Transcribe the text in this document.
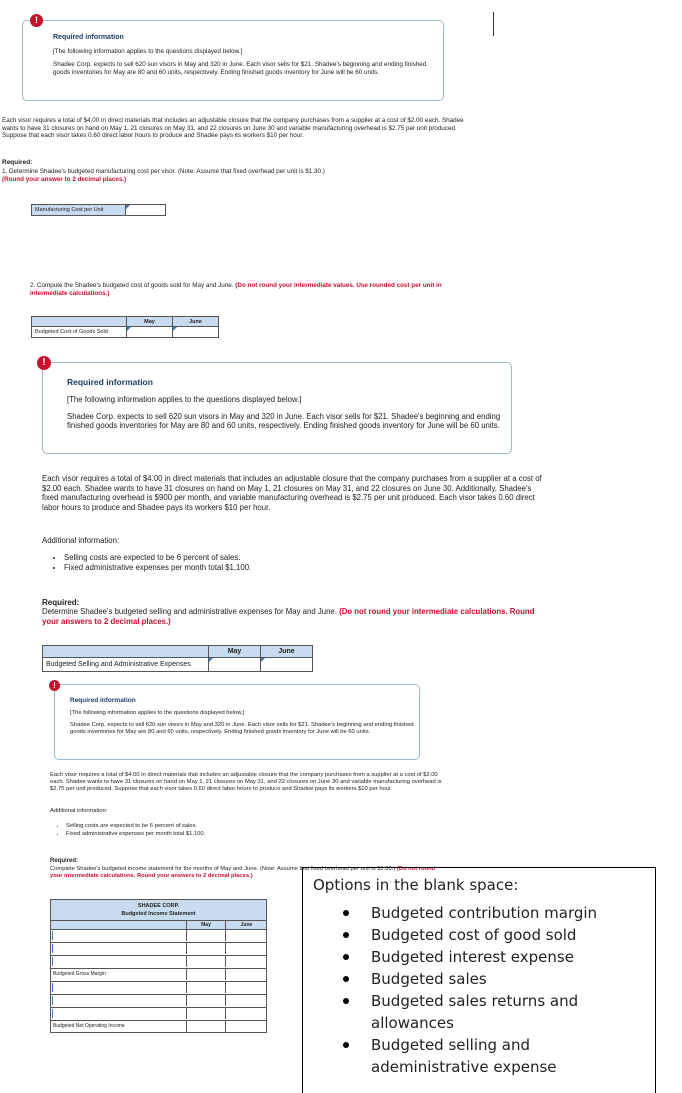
Required information

[The following information applies to the questions displayed below.]

Shadee Corp. expects to sell 620 sun visors in May and 320 in June. Each visor sells for $21. Shadee's beginning and ending finished goods inventories for May are 80 and 60 units, respectively. Ending finished goods inventory for June will be 60 units.

!

Each visor requires a total of $4.00 in direct materials that includes an adjustable closure that the company purchases from a supplier at a cost of $2.00 each. Shadee wants to have 31 closures on hand on May 1, 21 closures on May 31, and 22 closures on June 30 and variable manufacturing overhead is $2.75 per unit produced. Suppose that each visor takes 0.60 direct labor hours to produce and Shadee pays its workers $10 per hour.

Required:

1. Determine Shadee's budgeted manufacturing cost per visor. (Note: Assume that fixed overhead per unit is $1.30.)

(Round your answer to 2 decimal places.)

Manufacturing Cost per Unit	

2. Compute the Shadee's budgeted cost of goods sold for May and June. (Do not round your intermediate values. Use rounded cost per unit in intermediate calculations.)

	May	June
Budgeted Cost of Goods Sold		
Required information

[The following information applies to the questions displayed below.]

Shadee Corp. expects to sell 620 sun visors in May and 320 in June. Each visor sells for $21. Shadee's beginning and ending finished goods inventories for May are 80 and 60 units, respectively. Ending finished goods inventory for June will be 60 units.

!

Each visor requires a total of $4.00 in direct materials that includes an adjustable closure that the company purchases from a supplier at a cost of $2.00 each. Shadee wants to have 31 closures on hand on May 1, 21 closures on May 31, and 22 closures on June 30. Additionally, Shadee's fixed manufacturing overhead is $900 per month, and variable manufacturing overhead is $2.75 per unit produced. Each visor takes 0.60 direct labor hours to produce and Shadee pays its workers $10 per hour.

Additional information:

• Selling costs are expected to be 6 percent of sales.
• Fixed administrative expenses per month total $1,100.

Required:

Determine Shadee's budgeted selling and administrative expenses for May and June. (Do not round your intermediate calculations. Round your answers to 2 decimal places.)

	May	June
Budgeted Selling and Administrative Expenses		
Required information

[The following information applies to the questions displayed below.]

Shadee Corp. expects to sell 620 sun visors in May and 320 in June. Each visor sells for $21. Shadee's beginning and ending finished goods inventories for May are 80 and 60 units, respectively. Ending finished goods inventory for June will be 60 units.

!

Each visor requires a total of $4.00 in direct materials that includes an adjustable closure that the company purchases from a supplier at a cost of $2.00 each. Shadee wants to have 31 closures on hand on May 1, 21 closures on May 31, and 22 closures on June 30 and variable manufacturing overhead is $2.75 per unit produced. Suppose that each visor takes 0.60 direct labor hours to produce and Shadee pays its workers $10 per hour.

Additional information:

• Selling costs are expected to be 6 percent of sales.
• Fixed administrative expenses per month total $1,100.

Required:

Complete Shadee's budgeted income statement for the months of May and June. (Note: Assume that fixed overhead per unit is $1.30.) (Do not round your intermediate calculations. Round your answers to 2 decimal places.)

SHADEE CORP.
Budgeted Income Statement
May	June
Budgeted Gross Margin
Budgeted Net Operating Income
Options in the blank space:
Budgeted contribution margin
Budgeted cost of good sold
Budgeted interest expense
Budgeted sales
Budgeted sales returns and allowances
Budgeted selling and adeministrative expense
